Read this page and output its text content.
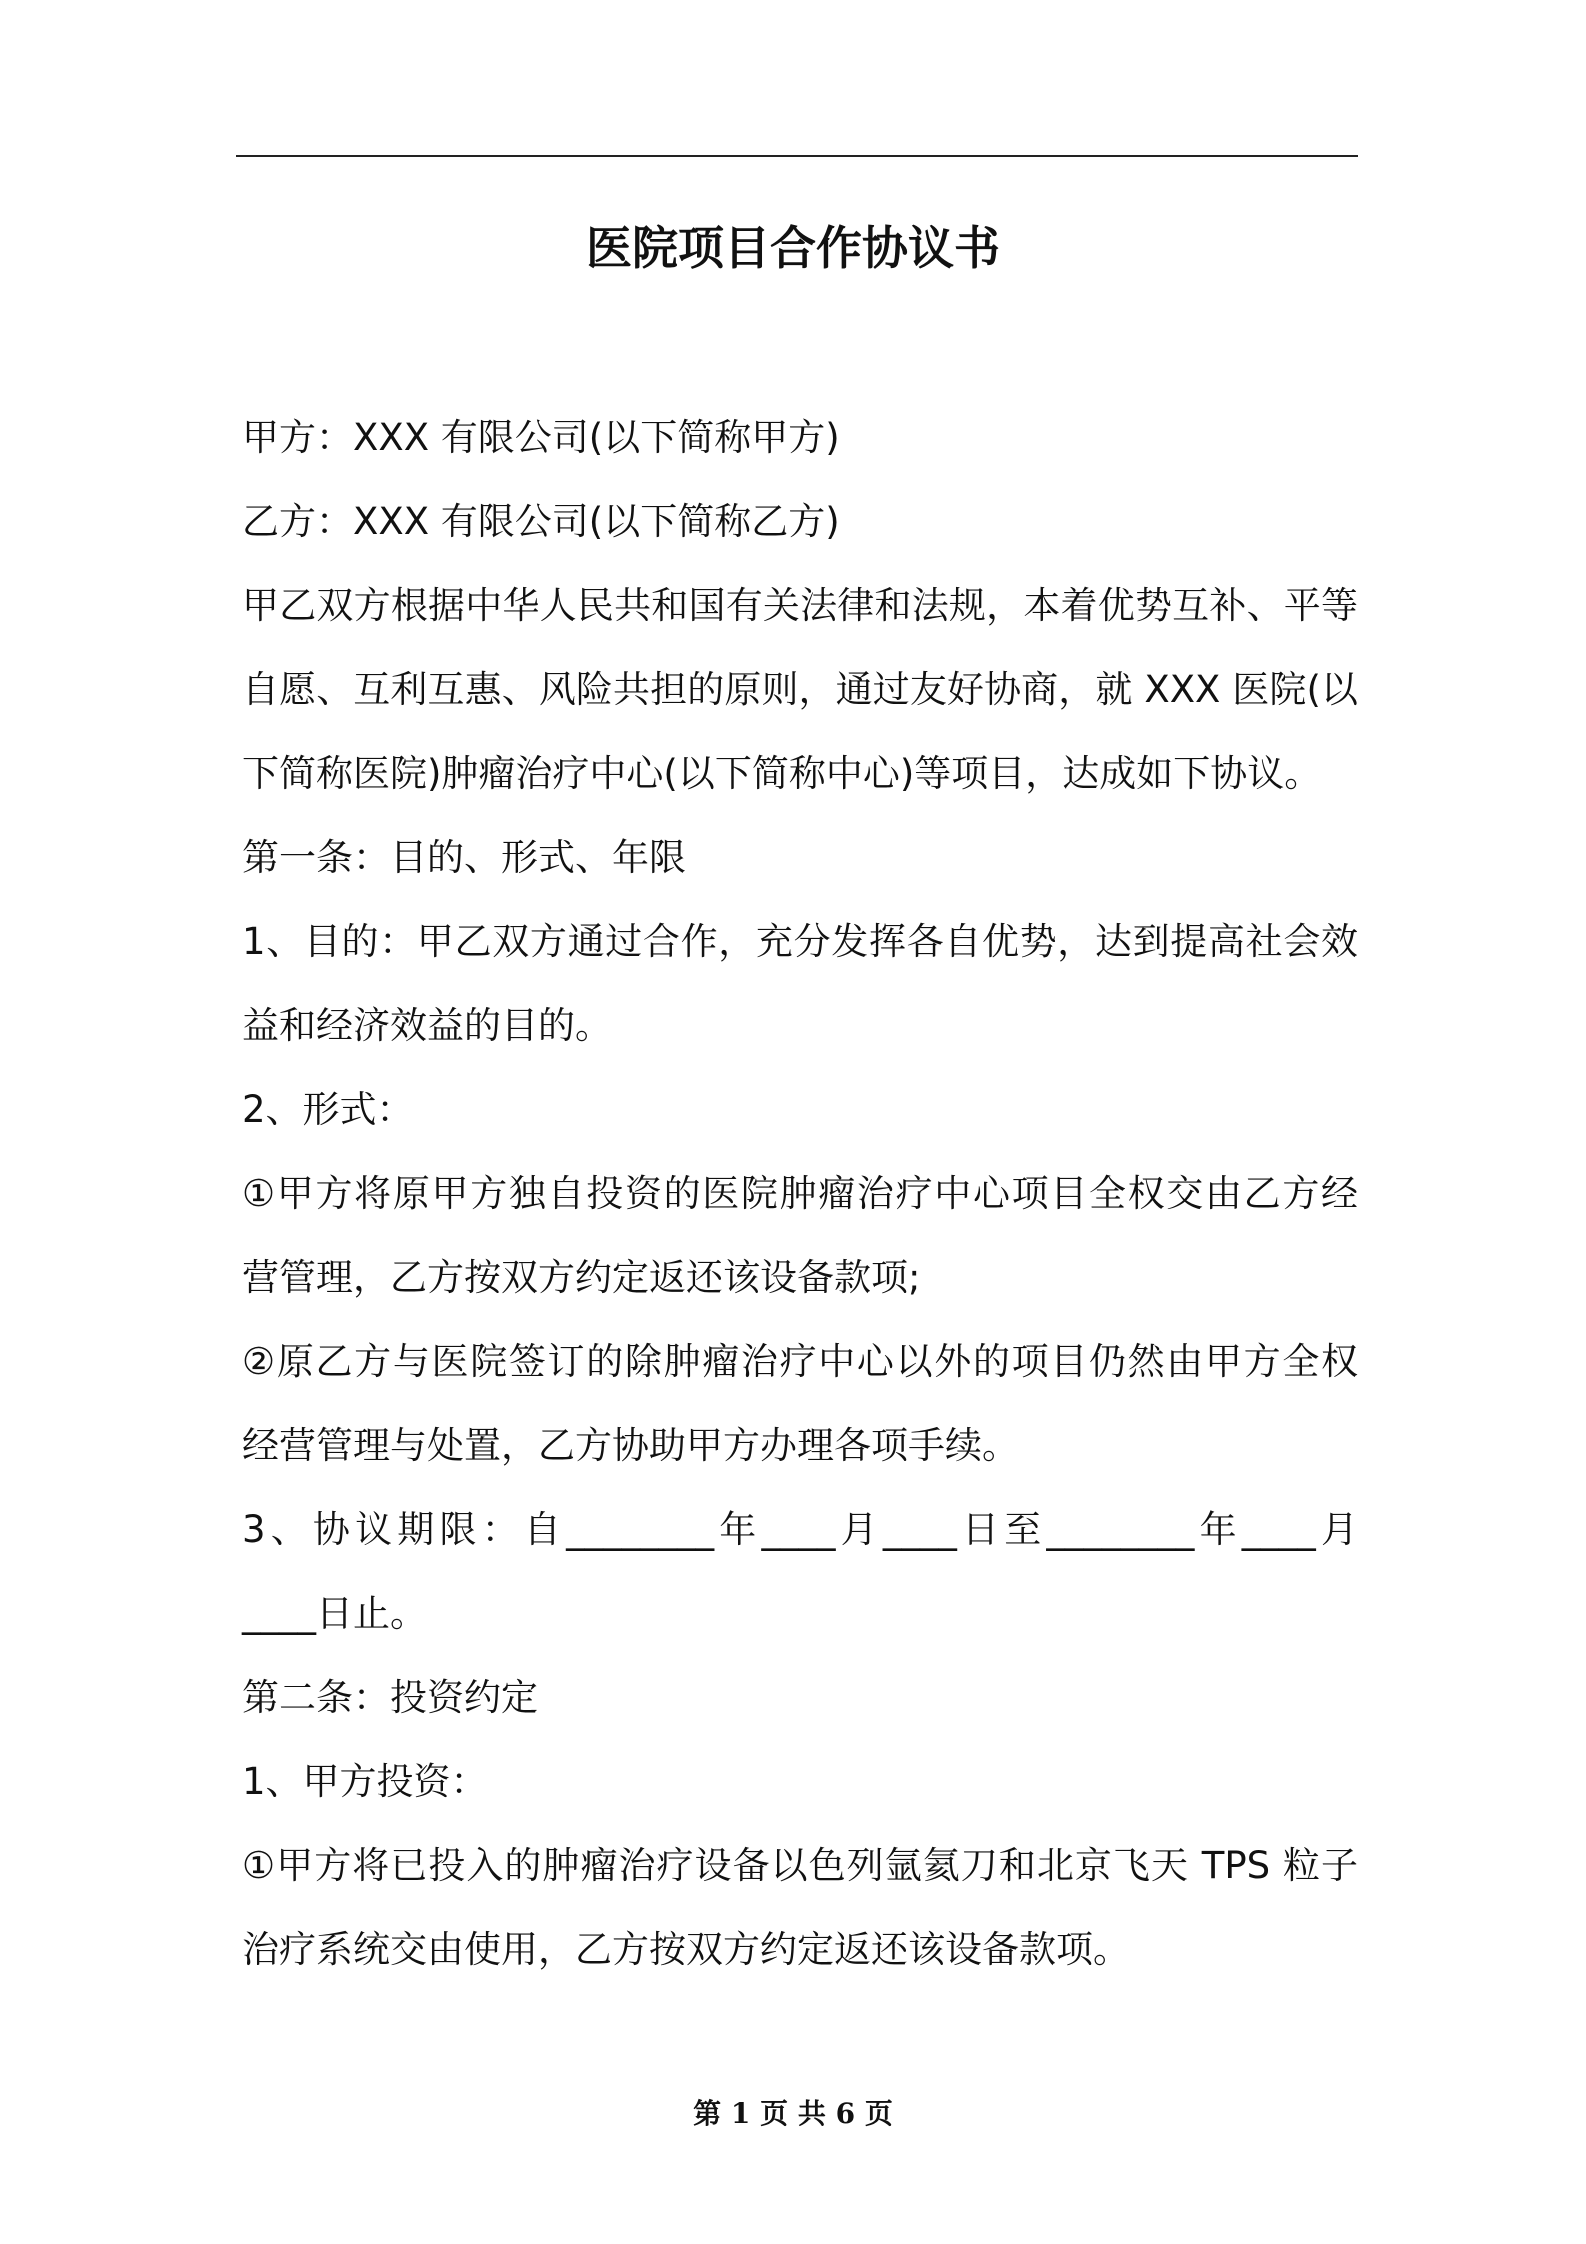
医院项目合作协议书
甲方：XXX 有限公司(以下简称甲方)
乙方：XXX 有限公司(以下简称乙方)
甲乙双方根据中华人民共和国有关法律和法规，本着优势互补、平等
自愿、互利互惠、风险共担的原则，通过友好协商，就 XXX 医院(以
下简称医院)肿瘤治疗中心(以下简称中心)等项目，达成如下协议。
第一条：目的、形式、年限
1、目的：甲乙双方通过合作，充分发挥各自优势，达到提高社会效
益和经济效益的目的。
2、形式：
①甲方将原甲方独自投资的医院肿瘤治疗中心项目全权交由乙方经
营管理，乙方按双方约定返还该设备款项;
②原乙方与医院签订的除肿瘤治疗中心以外的项目仍然由甲方全权
经营管理与处置，乙方协助甲方办理各项手续。
3、协议期限：自________年____月____日至________年____月
____日止。
第二条：投资约定
1、甲方投资：
①甲方将已投入的肿瘤治疗设备以色列氩氦刀和北京飞天 TPS 粒子
治疗系统交由使用，乙方按双方约定返还该设备款项。
第 1 页 共 6 页
